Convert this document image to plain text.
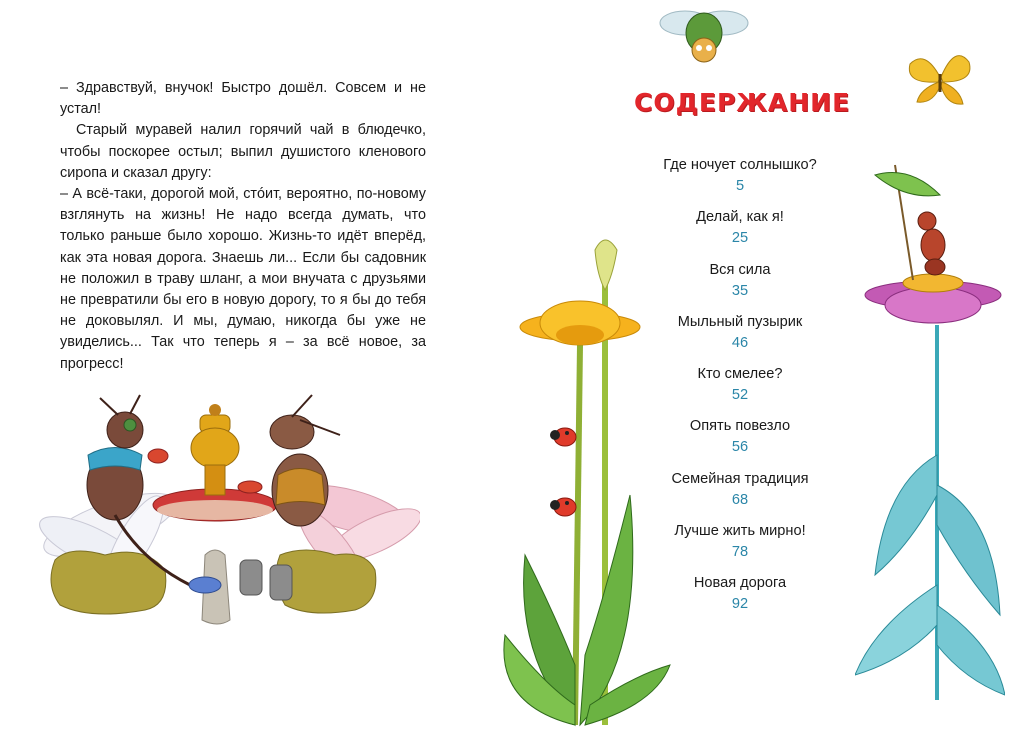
– Здравствуй, внучок! Быстро дошёл. Совсем и не устал!

Старый муравей налил горячий чай в блюдечко, чтобы поскорее остыл; выпил душистого кленового сиропа и сказал другу:

– А всё-таки, дорогой мой, стóит, вероятно, по-новому взглянуть на жизнь! Не надо всегда думать, что только раньше было хорошо. Жизнь-то идёт вперёд, как эта новая дорога. Знаешь ли... Если бы садовник не положил в траву шланг, а мои внучата с друзьями не превратили бы его в новую дорогу, то я бы до тебя не доковылял. И мы, думаю, никогда бы уже не увиделись... Так что теперь я – за всё новое, за прогресс!

СОДЕРЖАНИЕ
Где ночует солнышко?
5
Делай, как я!
25
Вся сила
35
Мыльный пузырик
46
Кто смелее?
52
Опять повезло
56
Семейная традиция
68
Лучше жить мирно!
78
Новая дорога
92
